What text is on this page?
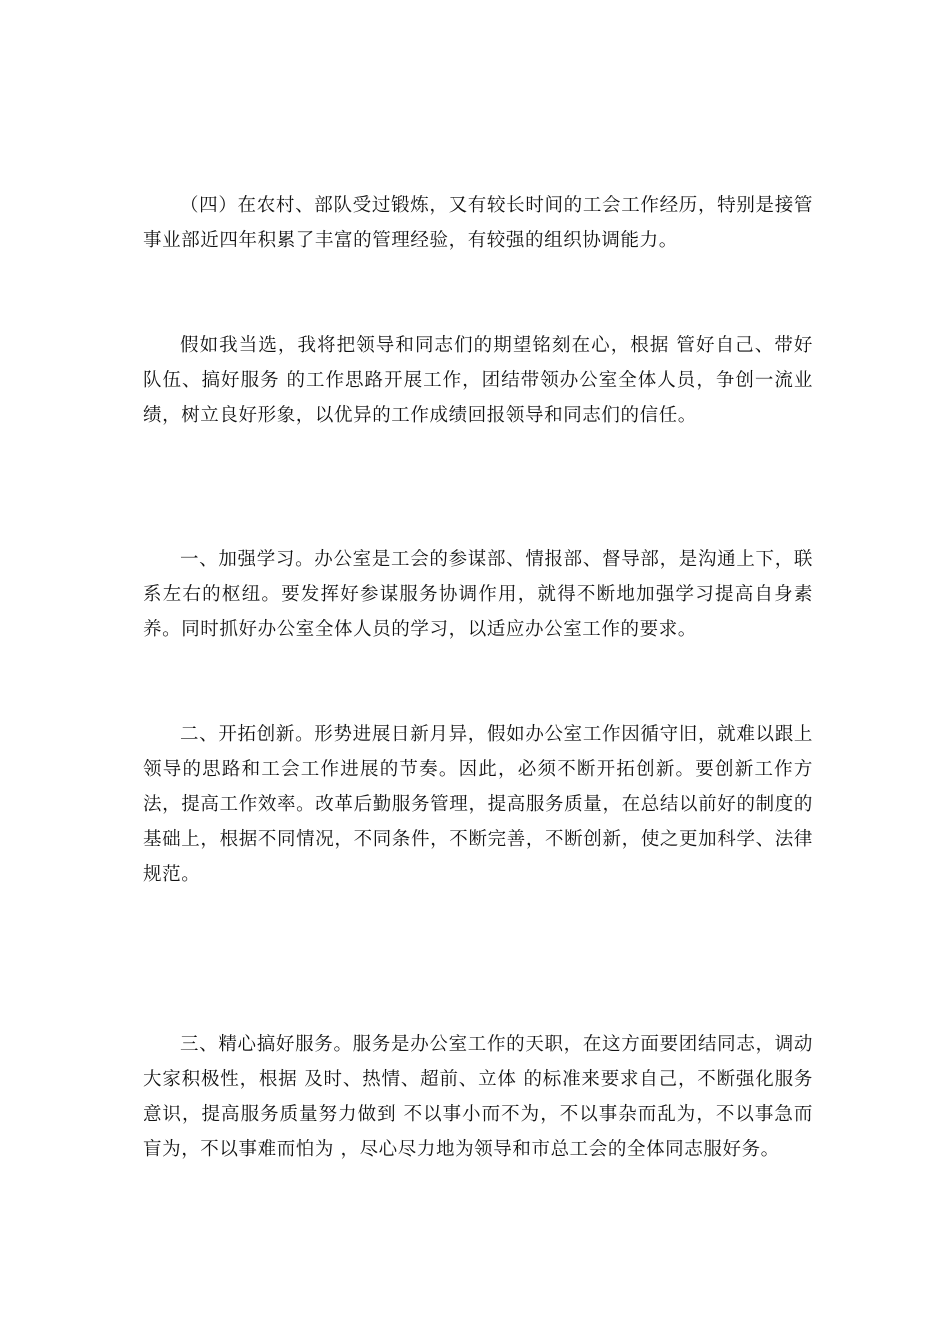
（四）在农村、部队受过锻炼，又有较长时间的工会工作经历，特别是接管事业部近四年积累了丰富的管理经验，有较强的组织协调能力。

假如我当选，我将把领导和同志们的期望铭刻在心，根据 管好自己、带好队伍、搞好服务 的工作思路开展工作，团结带领办公室全体人员，争创一流业绩，树立良好形象，以优异的工作成绩回报领导和同志们的信任。

一、加强学习。办公室是工会的参谋部、情报部、督导部，是沟通上下，联系左右的枢纽。要发挥好参谋服务协调作用，就得不断地加强学习提高自身素养。同时抓好办公室全体人员的学习，以适应办公室工作的要求。

二、开拓创新。形势进展日新月异，假如办公室工作因循守旧，就难以跟上领导的思路和工会工作进展的节奏。因此，必须不断开拓创新。要创新工作方法，提高工作效率。改革后勤服务管理，提高服务质量，在总结以前好的制度的基础上，根据不同情况，不同条件，不断完善，不断创新，使之更加科学、法律规范。

三、精心搞好服务。服务是办公室工作的天职，在这方面要团结同志，调动大家积极性，根据 及时、热情、超前、立体 的标准来要求自己，不断强化服务意识，提高服务质量努力做到 不以事小而不为，不以事杂而乱为，不以事急而盲为，不以事难而怕为 ，尽心尽力地为领导和市总工会的全体同志服好务。
